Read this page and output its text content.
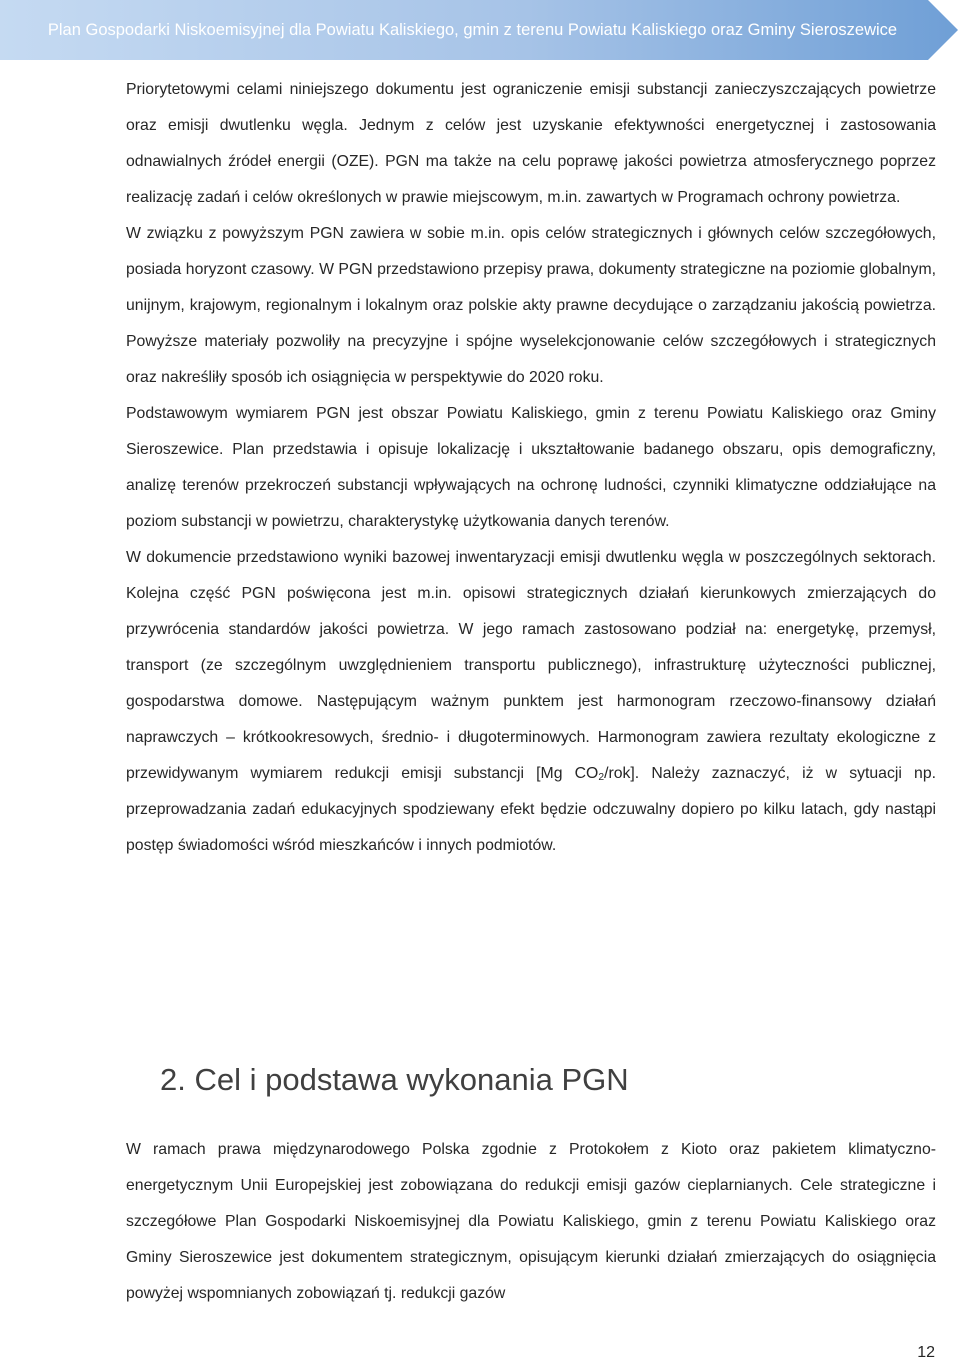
Plan Gospodarki Niskoemisyjnej dla Powiatu Kaliskiego, gmin z terenu Powiatu Kaliskiego oraz Gminy Sieroszewice

Priorytetowymi celami niniejszego dokumentu jest ograniczenie emisji substancji zanieczyszczających powietrze oraz emisji dwutlenku węgla. Jednym z celów jest uzyskanie efektywności energetycznej i zastosowania odnawialnych źródeł energii (OZE). PGN ma także na celu poprawę jakości powietrza atmosferycznego poprzez realizację zadań i celów określonych w prawie miejscowym, m.in. zawartych w Programach ochrony powietrza.

W związku z powyższym PGN zawiera w sobie m.in. opis celów strategicznych i głównych celów szczegółowych, posiada horyzont czasowy. W PGN przedstawiono przepisy prawa, dokumenty strategiczne na poziomie globalnym, unijnym, krajowym, regionalnym i lokalnym oraz polskie akty prawne decydujące o zarządzaniu jakością powietrza. Powyższe materiały pozwoliły na precyzyjne i spójne wyselekcjonowanie celów szczegółowych i strategicznych oraz nakreśliły sposób ich osiągnięcia w perspektywie do 2020 roku.

Podstawowym wymiarem PGN jest obszar Powiatu Kaliskiego, gmin z terenu Powiatu Kaliskiego oraz Gminy Sieroszewice. Plan przedstawia i opisuje lokalizację i ukształtowanie badanego obszaru, opis demograficzny, analizę terenów przekroczeń substancji wpływających na ochronę ludności, czynniki klimatyczne oddziałujące na poziom substancji w powietrzu, charakterystykę użytkowania danych terenów.

W dokumencie przedstawiono wyniki bazowej inwentaryzacji emisji dwutlenku węgla w poszczególnych sektorach. Kolejna część PGN poświęcona jest m.in. opisowi strategicznych działań kierunkowych zmierzających do przywrócenia standardów jakości powietrza. W jego ramach zastosowano podział na: energetykę, przemysł, transport (ze szczególnym uwzględnieniem transportu publicznego), infrastrukturę użyteczności publicznej, gospodarstwa domowe. Następującym ważnym punktem jest harmonogram rzeczowo-finansowy działań naprawczych – krótkookresowych, średnio- i długoterminowych. Harmonogram zawiera rezultaty ekologiczne z przewidywanym wymiarem redukcji emisji substancji [Mg $CO_2/rok$]. Należy zaznaczyć, iż w sytuacji np. przeprowadzania zadań edukacyjnych spodziewany efekt będzie odczuwalny dopiero po kilku latach, gdy nastąpi postęp świadomości wśród mieszkańców i innych podmiotów.

2. Cel i podstawa wykonania PGN

W ramach prawa międzynarodowego Polska zgodnie z Protokołem z Kioto oraz pakietem klimatyczno-energetycznym Unii Europejskiej jest zobowiązana do redukcji emisji gazów cieplarnianych. Cele strategiczne i szczegółowe Plan Gospodarki Niskoemisyjnej dla Powiatu Kaliskiego, gmin z terenu Powiatu Kaliskiego oraz Gminy Sieroszewice jest dokumentem strategicznym, opisującym kierunki działań zmierzających do osiągnięcia powyżej wspomnianych zobowiązań tj. redukcji gazów

12
